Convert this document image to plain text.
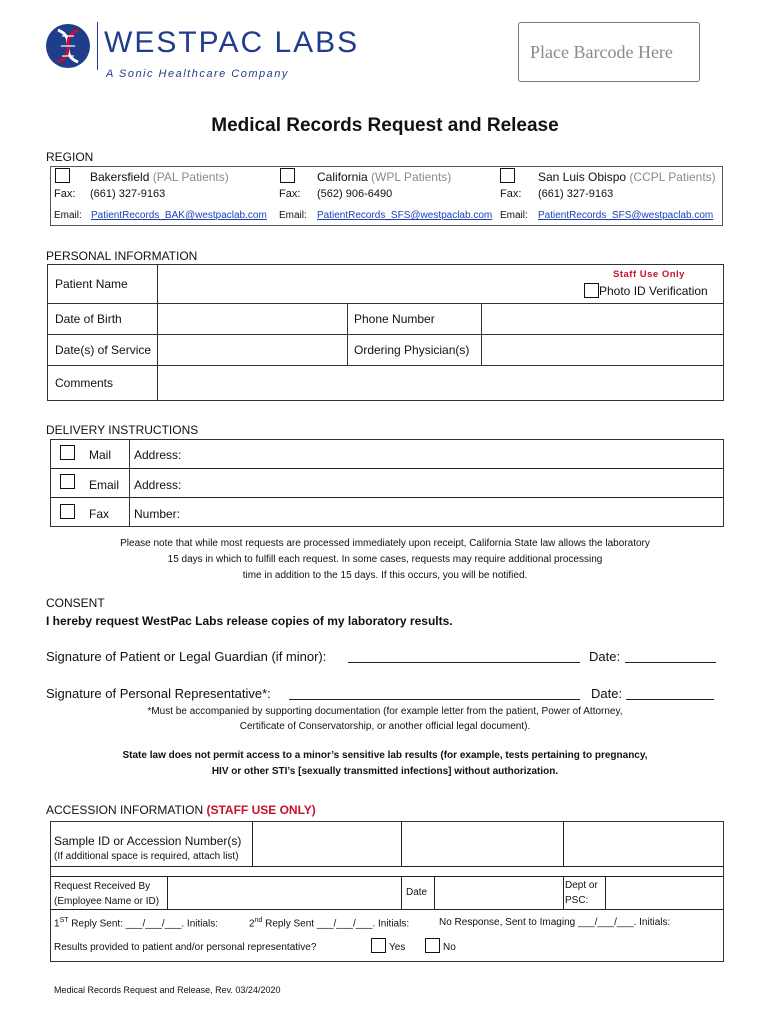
WESTPAC LABS
A Sonic Healthcare Company
Place Barcode Here
Medical Records Request and Release
REGION
Bakersfield (PAL Patients)
Fax: (661) 327-9163
Email: PatientRecords_BAK@westpaclab.com
California (WPL Patients)
Fax: (562) 906-6490
Email: PatientRecords_SFS@westpaclab.com
San Luis Obispo (CCPL Patients)
Fax: (661) 327-9163
Email: PatientRecords_SFS@westpaclab.com
PERSONAL INFORMATION
Patient Name
Staff Use Only
Photo ID Verification
Date of Birth	Phone Number
Date(s) of Service	Ordering Physician(s)
Comments
DELIVERY INSTRUCTIONS
Mail Address:
Email Address:
Fax Number:
Please note that while most requests are processed immediately upon receipt, California State law allows the laboratory
15 days in which to fulfill each request. In some cases, requests may require additional processing
time in addition to the 15 days. If this occurs, you will be notified.
CONSENT
I hereby request WestPac Labs release copies of my laboratory results.
Signature of Patient or Legal Guardian (if minor):	Date:
Signature of Personal Representative*:	Date:
*Must be accompanied by supporting documentation (for example letter from the patient, Power of Attorney,
Certificate of Conservatorship, or another official legal document).
State law does not permit access to a minor’s sensitive lab results (for example, tests pertaining to pregnancy,
HIV or other STI’s [sexually transmitted infections] without authorization.
ACCESSION INFORMATION (STAFF USE ONLY)
Sample ID or Accession Number(s)
(If additional space is required, attach list)
Request Received By
(Employee Name or ID)
Date
Dept or
PSC:
1ST Reply Sent: ___/___/___. Initials:	2nd Reply Sent ___/___/___. Initials:	No Response, Sent to Imaging ___/___/___. Initials:
Results provided to patient and/or personal representative?	Yes	No
Medical Records Request and Release, Rev. 03/24/2020
